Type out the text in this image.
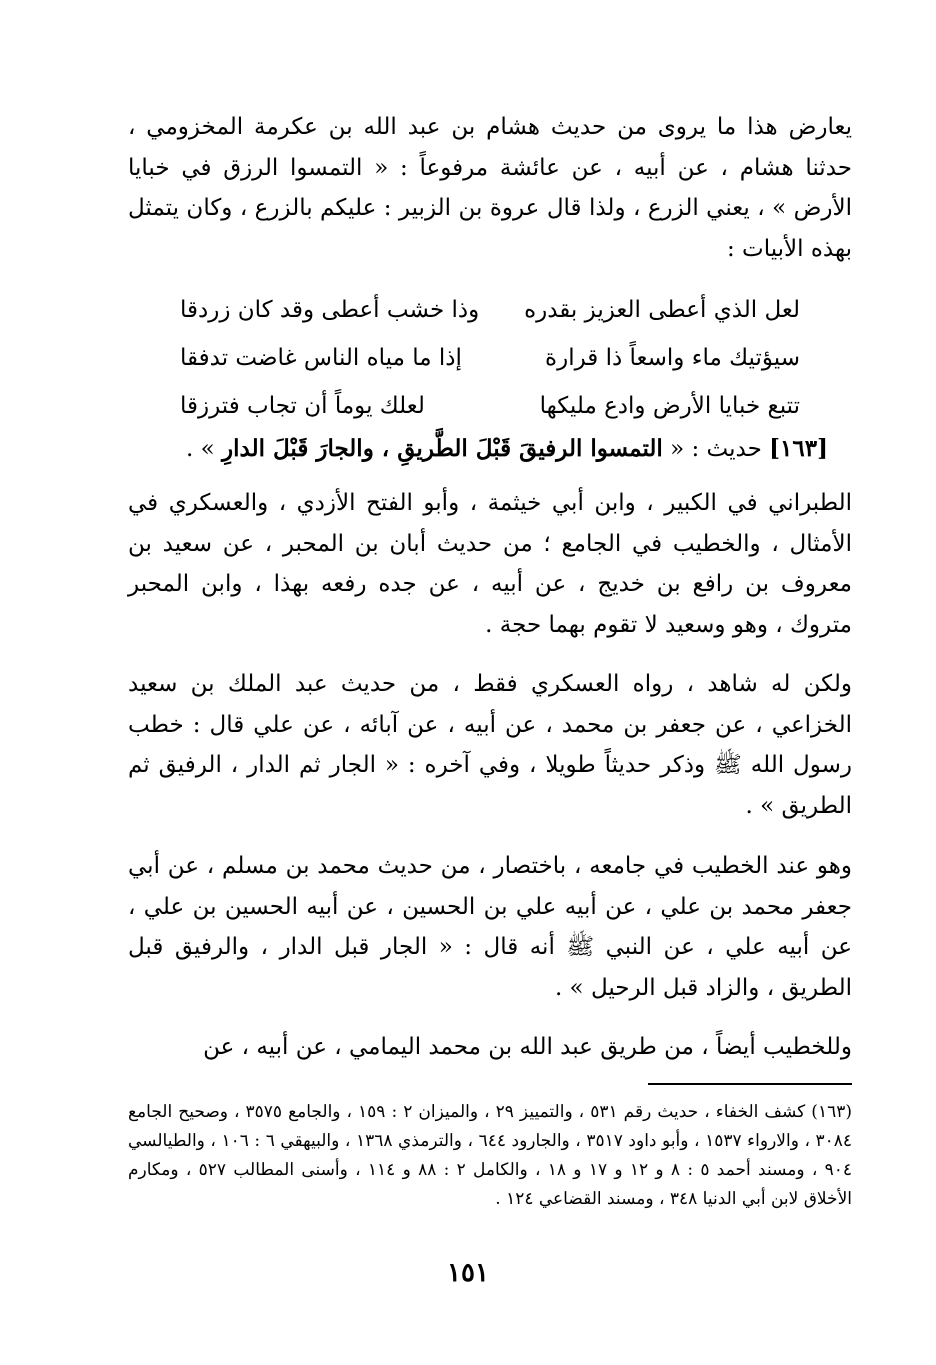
يعارض هذا ما يروى من حديث هشام بن عبد الله بن عكرمة المخزومي ، حدثنا هشام ، عن أبيه ، عن عائشة مرفوعاً : « التمسوا الرزق في خبايا الأرض » ، يعني الزرع ، ولذا قال عروة بن الزبير : عليكم بالزرع ، وكان يتمثل بهذه الأبيات :

لعل الذي أعطى العزيز بقدره
وذا خشب أعطى وقد كان زردقا
سيؤتيك ماء واسعاً ذا قرارة
إذا ما مياه الناس غاضت تدفقا
تتبع خبايا الأرض وادع مليكها
لعلك يوماً أن تجاب فترزقا
[١٦٣] حديث : « التمسوا الرفيقَ قَبْلَ الطَّريقِ ، والجارَ قَبْلَ الدارِ » .

الطبراني في الكبير ، وابن أبي خيثمة ، وأبو الفتح الأزدي ، والعسكري في الأمثال ، والخطيب في الجامع ؛ من حديث أبان بن المحبر ، عن سعيد بن معروف بن رافع بن خديج ، عن أبيه ، عن جده رفعه بهذا ، وابن المحبر متروك ، وهو وسعيد لا تقوم بهما حجة .

ولكن له شاهد ، رواه العسكري فقط ، من حديث عبد الملك بن سعيد الخزاعي ، عن جعفر بن محمد ، عن أبيه ، عن آبائه ، عن علي قال : خطب رسول الله ﷺ وذكر حديثاً طويلا ، وفي آخره : « الجار ثم الدار ، الرفيق ثم الطريق » .

وهو عند الخطيب في جامعه ، باختصار ، من حديث محمد بن مسلم ، عن أبي جعفر محمد بن علي ، عن أبيه علي بن الحسين ، عن أبيه الحسين بن علي ، عن أبيه علي ، عن النبي ﷺ أنه قال : « الجار قبل الدار ، والرفيق قبل الطريق ، والزاد قبل الرحيل » .

وللخطيب أيضاً ، من طريق عبد الله بن محمد اليمامي ، عن أبيه ، عن

(١٦٣) كشف الخفاء ، حديث رقم ٥٣١ ، والتمييز ٢٩ ، والميزان ٢ : ١٥٩ ، والجامع ٣٥٧٥ ، وصحيح الجامع ٣٠٨٤ ، والارواء ١٥٣٧ ، وأبو داود ٣٥١٧ ، والجارود ٦٤٤ ، والترمذي ١٣٦٨ ، والبيهقي ٦ : ١٠٦ ، والطيالسي ٩٠٤ ، ومسند أحمد ٥ : ٨ و ١٢ و ١٧ و ١٨ ، والكامل ٢ : ٨٨ و ١١٤ ، وأسنى المطالب ٥٢٧ ، ومكارم الأخلاق لابن أبي الدنيا ٣٤٨ ، ومسند القضاعي ١٢٤ .

١٥١
